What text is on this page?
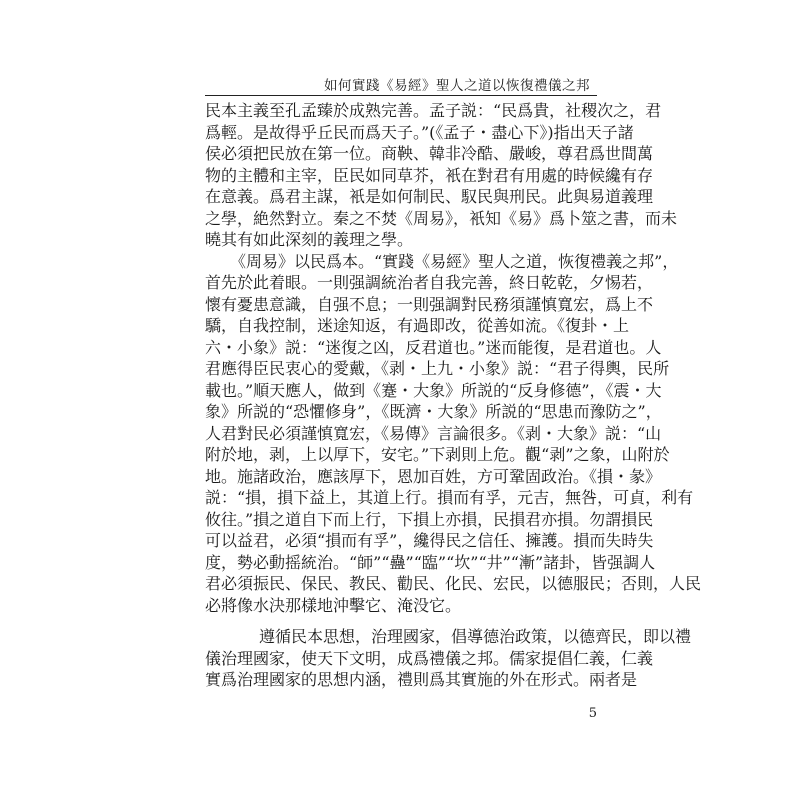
如何實踐《易經》聖人之道以恢復禮儀之邦
民本主義至孔孟臻於成熟完善。孟子説：“民爲貴，社稷次之，君
爲輕。是故得乎丘民而爲天子。”(《孟子・盡心下》)指出天子諸
侯必須把民放在第一位。商鞅、韓非冷酷、嚴峻，尊君爲世間萬
物的主體和主宰，臣民如同草芥，衹在對君有用處的時候纔有存
在意義。爲君主謀，衹是如何制民、馭民與刑民。此與易道義理
之學，絶然對立。秦之不焚《周易》，衹知《易》爲卜筮之書，而未
曉其有如此深刻的義理之學。
《周易》以民爲本。“實踐《易經》聖人之道，恢復禮義之邦”，
首先於此着眼。一則强調統治者自我完善，終日乾乾，夕惕若，
懷有憂患意識，自强不息；一則强調對民務須謹慎寬宏，爲上不
驕，自我控制，迷途知返，有過即改，從善如流。《復卦・上
六・小象》説：“迷復之凶，反君道也。”迷而能復，是君道也。人
君應得臣民衷心的愛戴，《剥・上九・小象》説：“君子得輿，民所
載也。”順天應人，做到《蹇・大象》所説的“反身修德”，《震・大
象》所説的“恐懼修身”，《既濟・大象》所説的“思患而豫防之”，
人君對民必須謹慎寬宏，《易傳》言論很多。《剥・大象》説：“山
附於地，剥，上以厚下，安宅。”下剥則上危。觀“剥”之象，山附於
地。施諸政治，應該厚下，恩加百姓，方可鞏固政治。《損・彖》
説：“損，損下益上，其道上行。損而有孚，元吉，無咎，可貞，利有
攸往。”損之道自下而上行，下損上亦損，民損君亦損。勿謂損民
可以益君，必須“損而有孚”，纔得民之信任、擁護。損而失時失
度，勢必動摇統治。“師”“蠱”“臨”“坎”“井”“漸”諸卦，皆强調人
君必須振民、保民、教民、勸民、化民、宏民，以德服民；否則，人民
必將像水決那樣地沖擊它、淹没它。
遵循民本思想，治理國家，倡導德治政策，以德齊民，即以禮
儀治理國家，使天下文明，成爲禮儀之邦。儒家提倡仁義，仁義
實爲治理國家的思想内涵，禮則爲其實施的外在形式。兩者是
5
